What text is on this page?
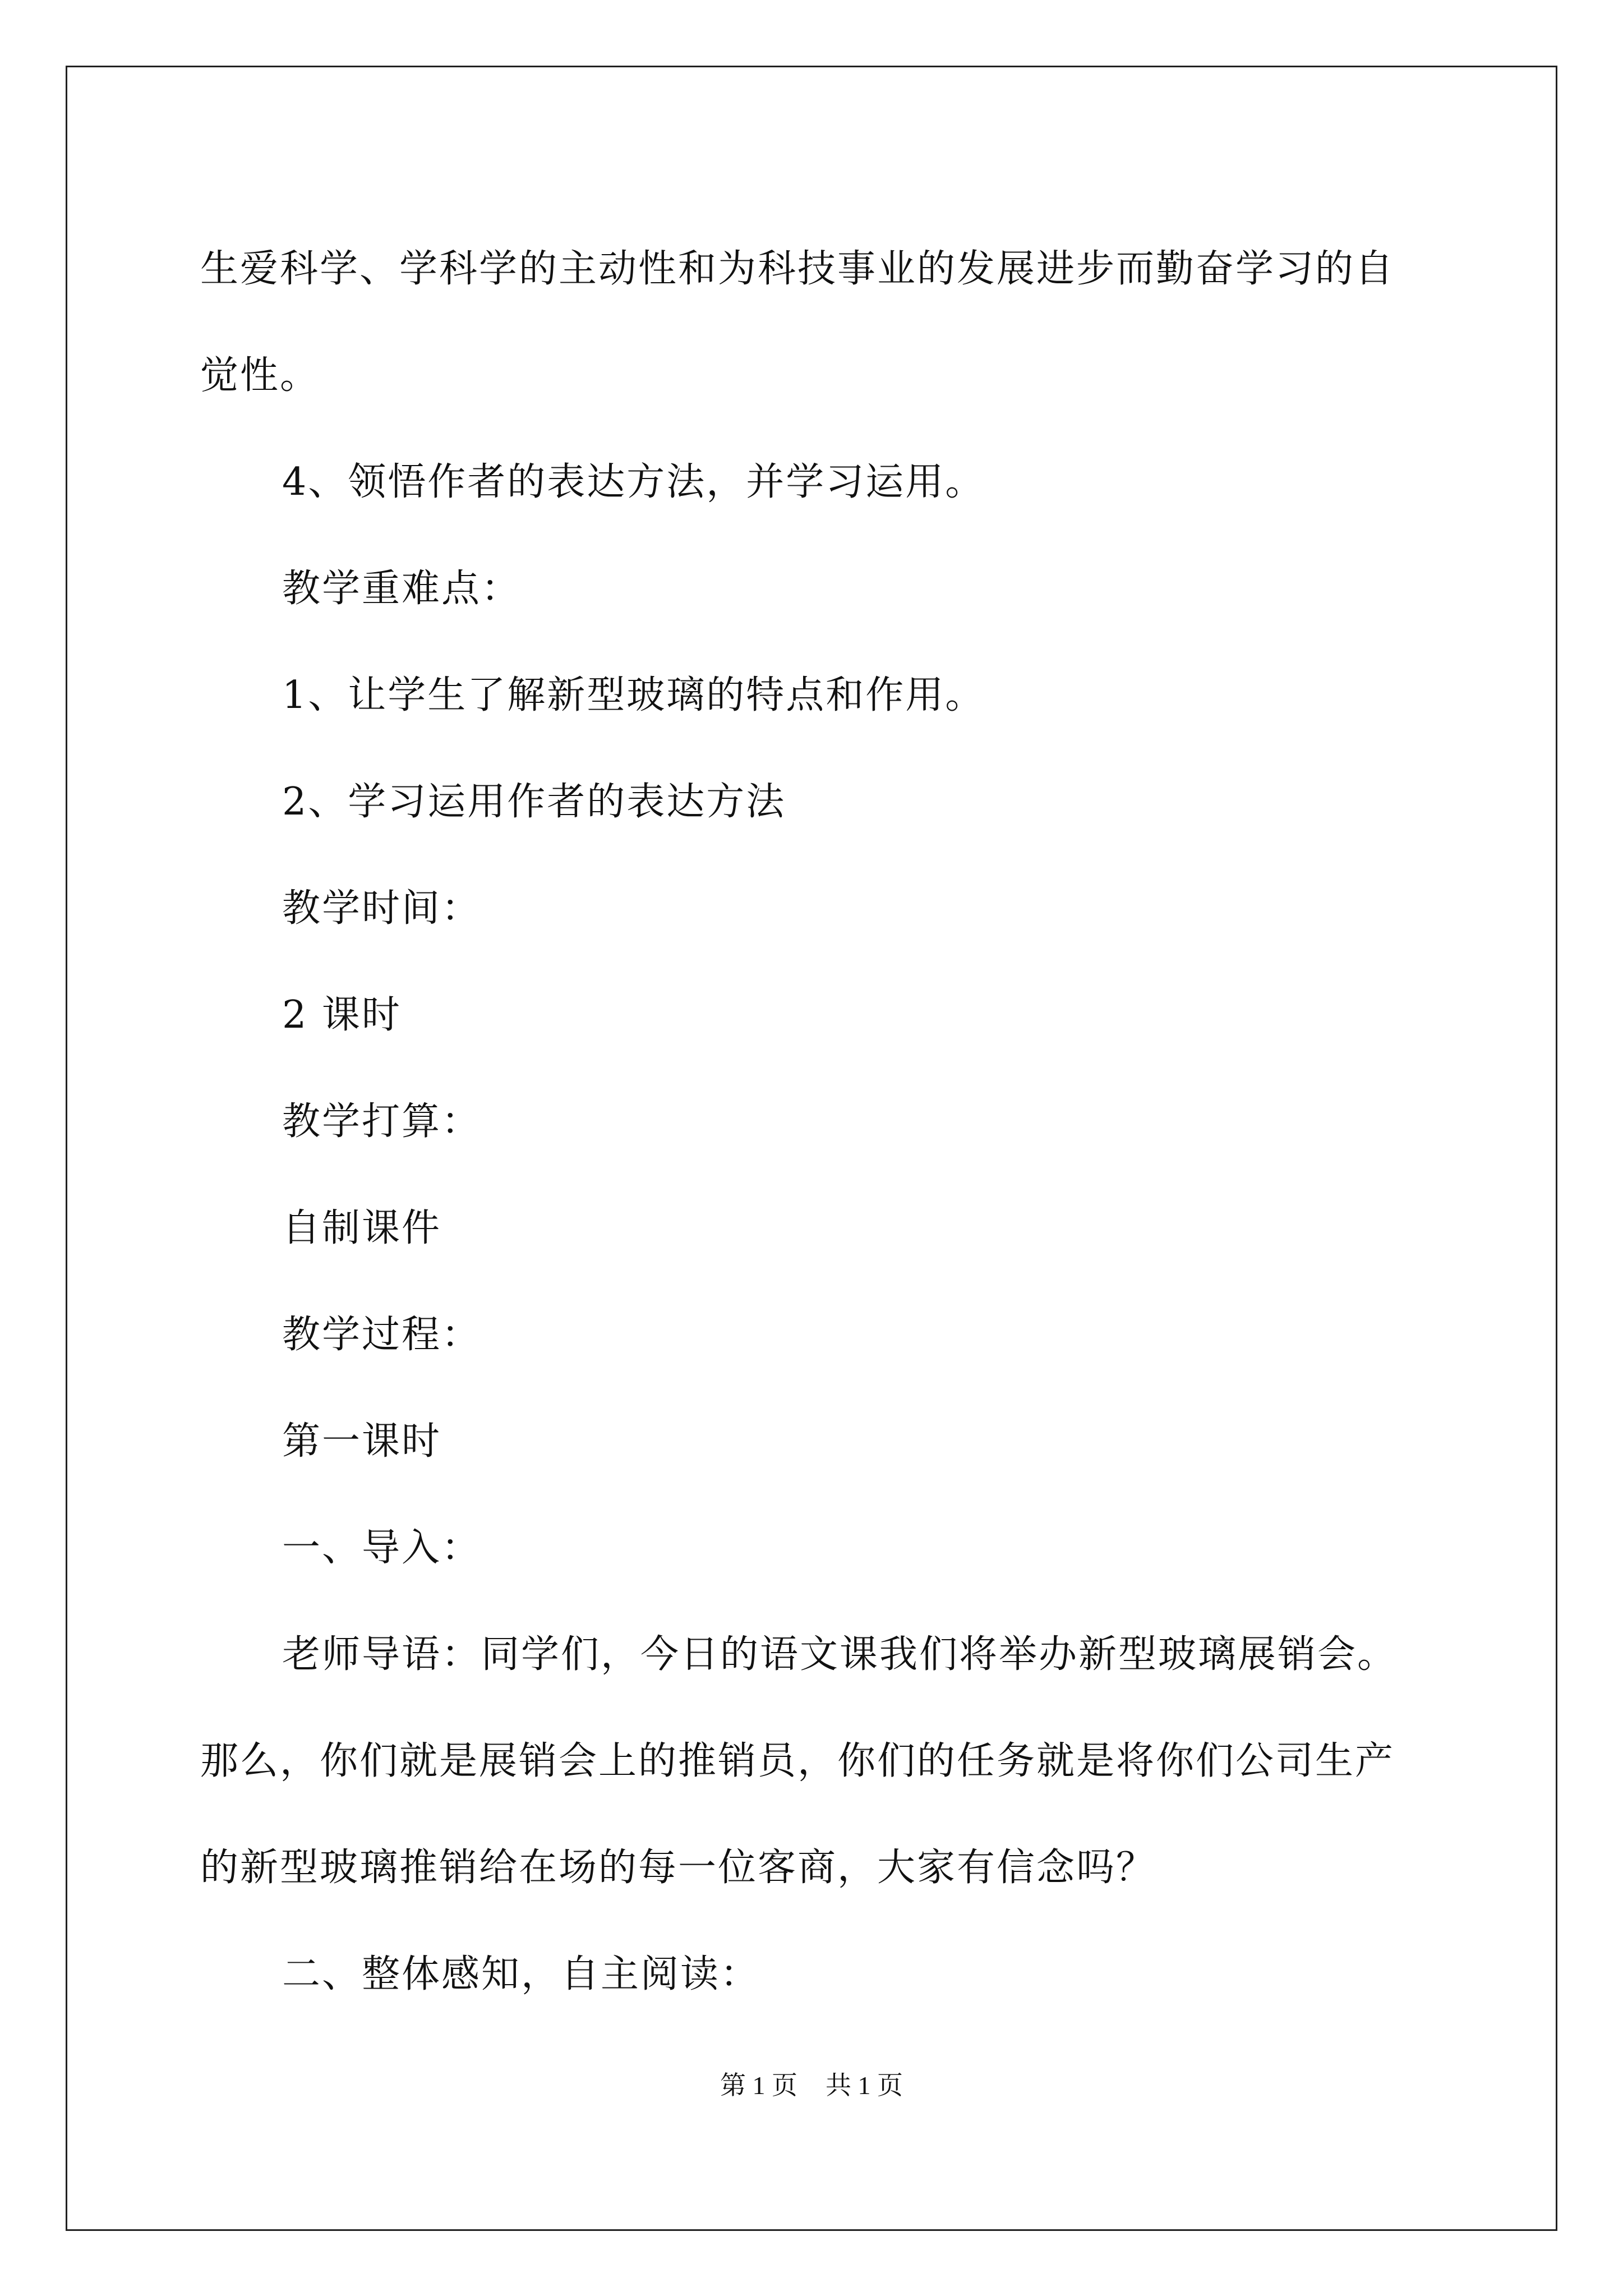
生爱科学、学科学的主动性和为科技事业的发展进步而勤奋学习的自觉性。

4、领悟作者的表达方法，并学习运用。

教学重难点：

1、让学生了解新型玻璃的特点和作用。

2、学习运用作者的表达方法

教学时间：

2 课时

教学打算：

自制课件

教学过程：

第一课时

一、导入：

老师导语：同学们，今日的语文课我们将举办新型玻璃展销会。那么，你们就是展销会上的推销员，你们的任务就是将你们公司生产的新型玻璃推销给在场的每一位客商，大家有信念吗？

二、整体感知，自主阅读：

第 1 页 共 1 页
